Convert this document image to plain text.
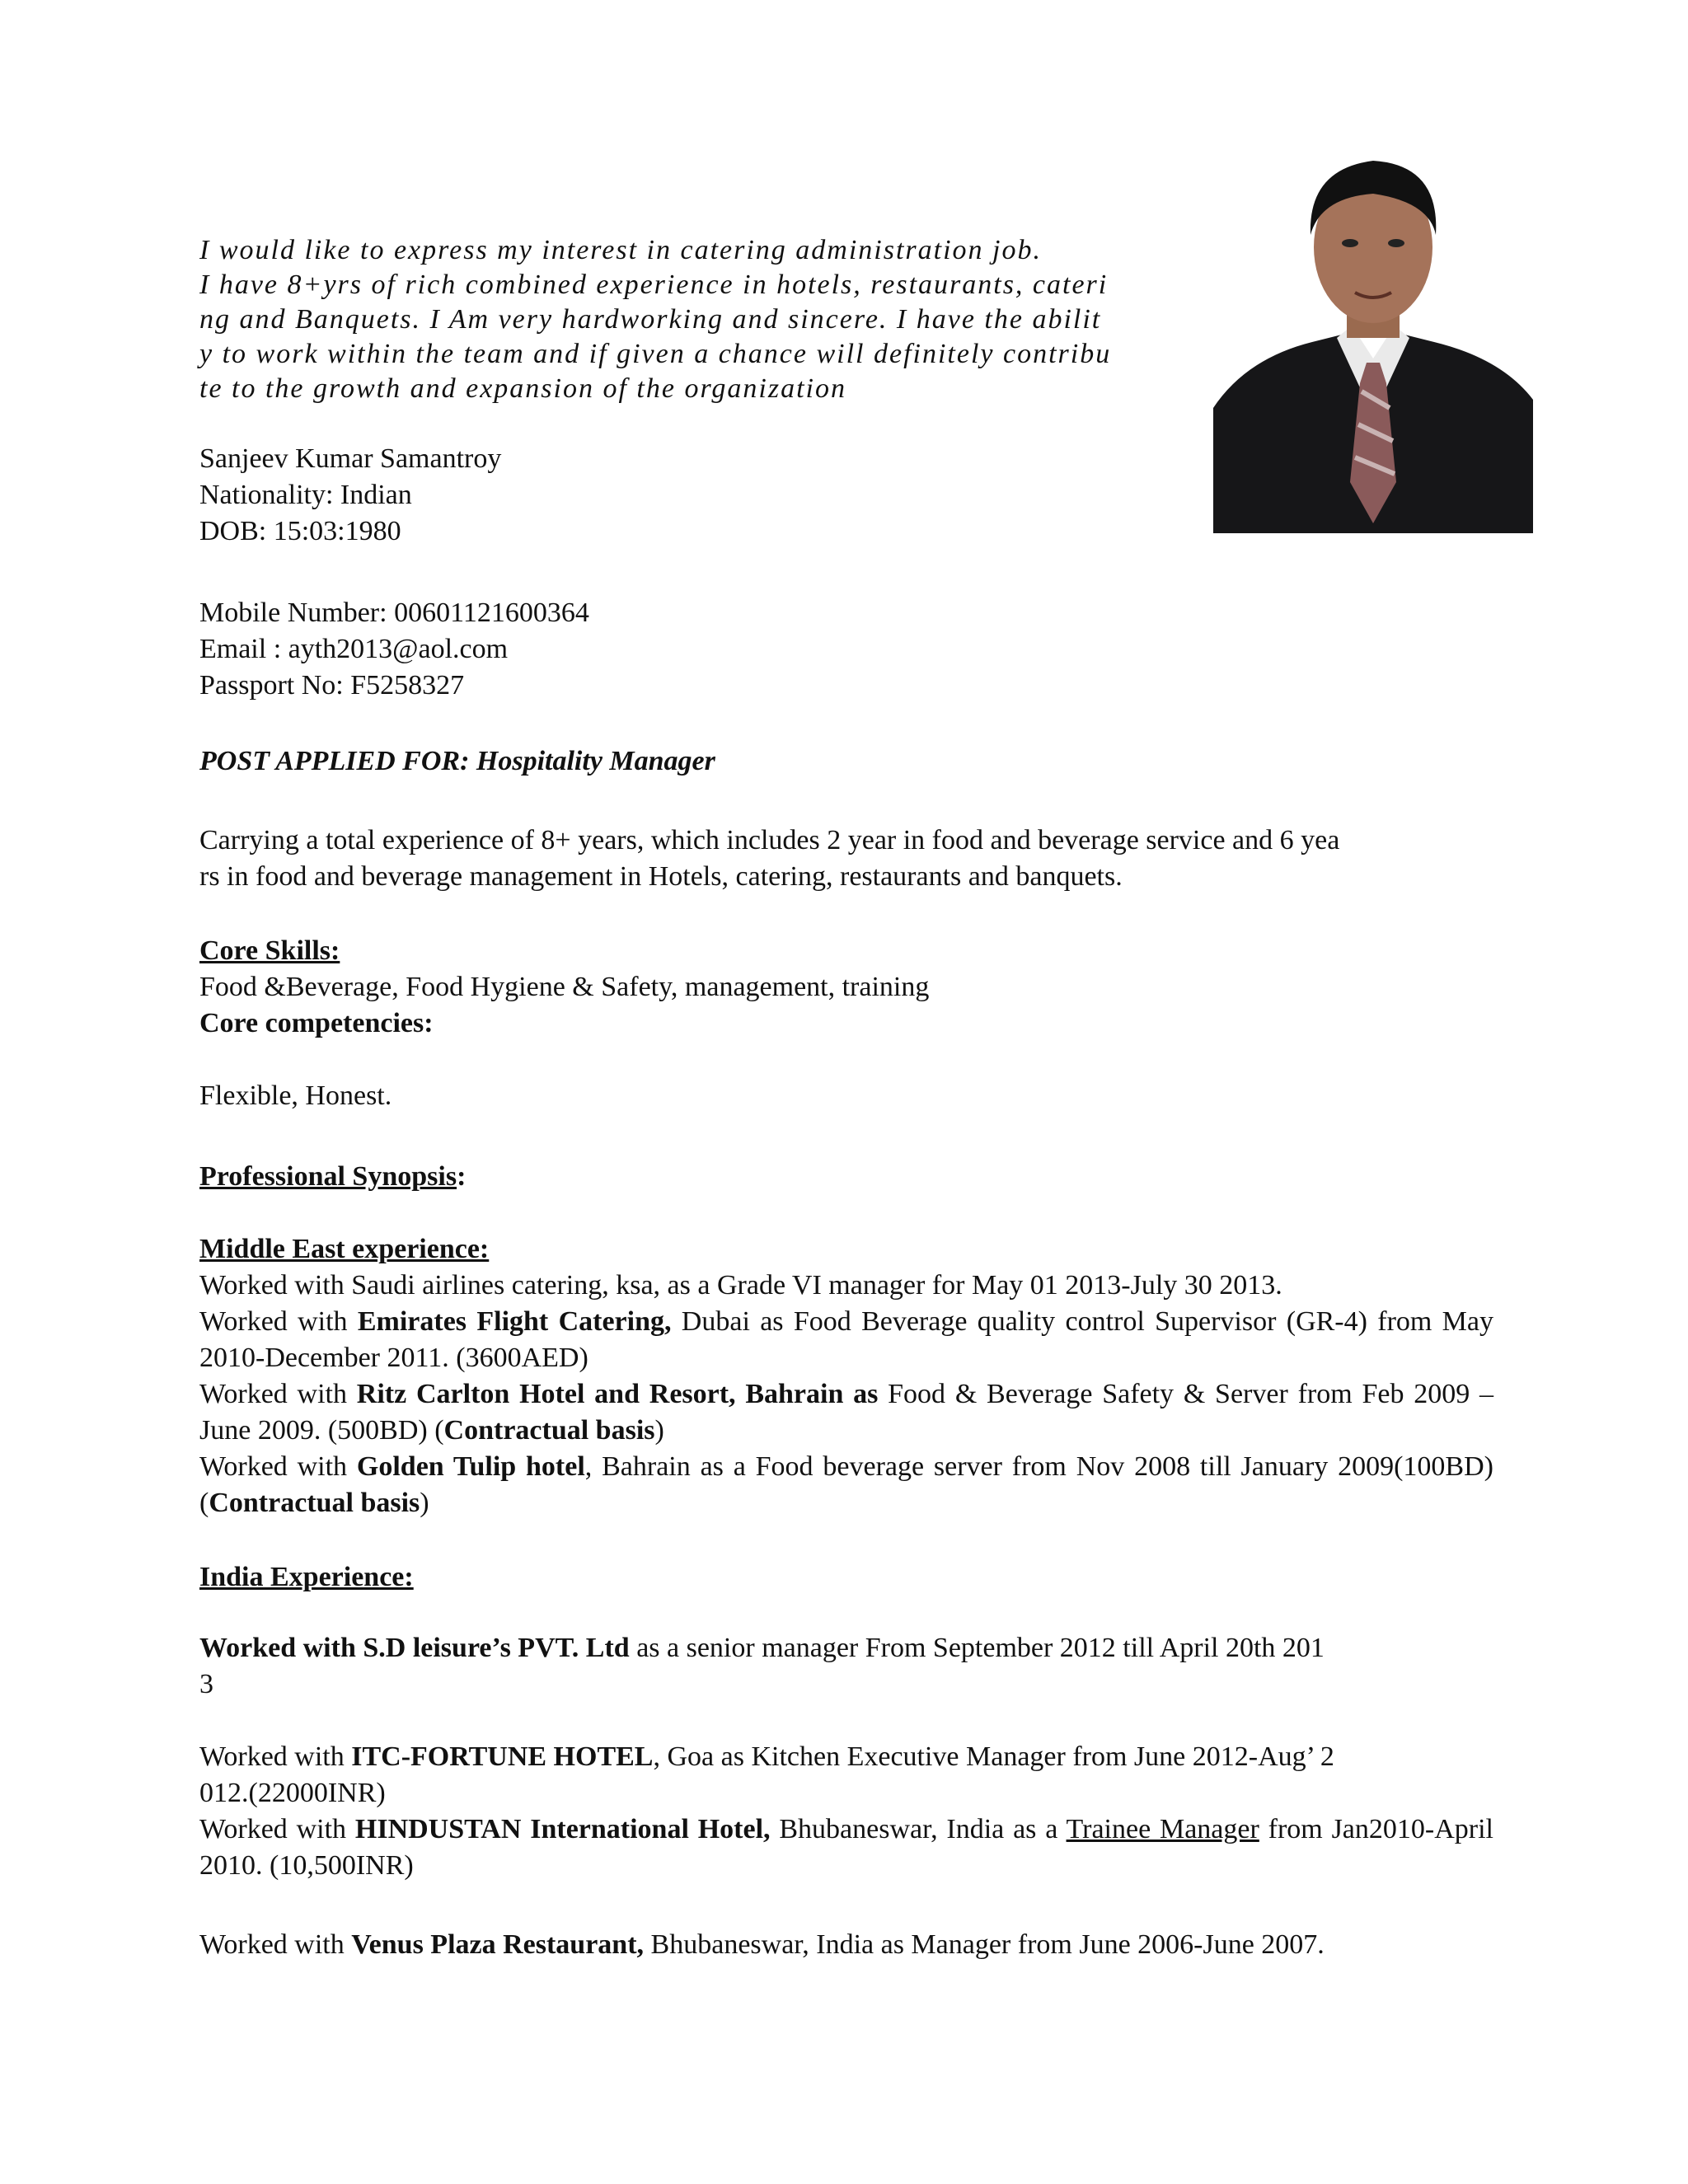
I would like to express my interest in catering administration job.
I have 8+yrs of rich combined experience in hotels, restaurants, cateri
ng and Banquets. I Am very hardworking and sincere. I have the abilit
y to work within the team and if given a chance will definitely contribu
te to the growth and expansion of the organization
Sanjeev Kumar Samantroy
Nationality: Indian
DOB: 15:03:1980
Mobile Number: 00601121600364
Email : ayth2013@aol.com
Passport No: F5258327
POST APPLIED FOR: Hospitality Manager
Carrying a total experience of 8+ years, which includes 2 year in food and beverage service and 6 yea
rs in food and beverage management in Hotels, catering, restaurants and banquets.
Core Skills:
Food &Beverage, Food Hygiene & Safety, management, training
Core competencies:
Flexible, Honest.
Professional Synopsis:
Middle East experience:
Worked with Saudi airlines catering, ksa, as a Grade VI manager for May 01 2013-July 30 2013.
Worked with Emirates Flight Catering, Dubai as Food Beverage quality control Supervisor (GR-4) from May 2010-December 2011. (3600AED)
Worked with Ritz Carlton Hotel and Resort, Bahrain as Food & Beverage Safety & Server from Feb 2009 –June 2009. (500BD) (Contractual basis)
Worked with Golden Tulip hotel, Bahrain as a Food beverage server from Nov 2008 till January 2009(100BD) (Contractual basis)
India Experience:
Worked with S.D leisure’s PVT. Ltd as a senior manager From September 2012 till April 20th 201
3
Worked with ITC-FORTUNE HOTEL, Goa as Kitchen Executive Manager from June 2012-Aug’ 2
012.(22000INR)
Worked with HINDUSTAN International Hotel, Bhubaneswar, India as a Trainee Manager from Jan2010-April 2010. (10,500INR)
Worked with Venus Plaza Restaurant, Bhubaneswar, India as Manager from June 2006-June 2007.
